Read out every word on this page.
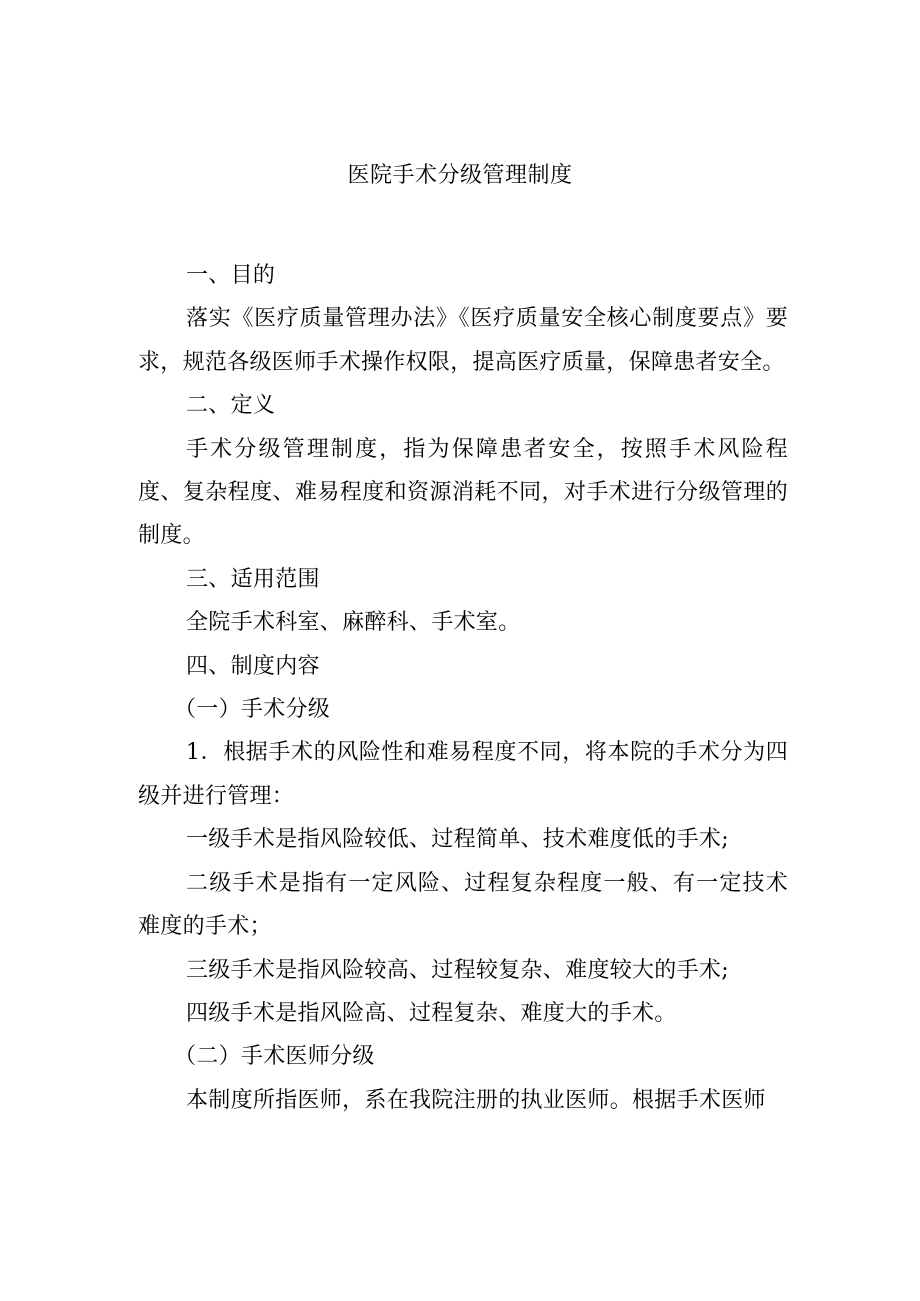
医院手术分级管理制度

一、目的

落实《医疗质量管理办法》《医疗质量安全核心制度要点》要求，规范各级医师手术操作权限，提高医疗质量，保障患者安全。

二、定义

手术分级管理制度，指为保障患者安全，按照手术风险程度、复杂程度、难易程度和资源消耗不同，对手术进行分级管理的制度。

三、适用范围

全院手术科室、麻醉科、手术室。

四、制度内容

（一）手术分级

1．根据手术的风险性和难易程度不同，将本院的手术分为四级并进行管理：

一级手术是指风险较低、过程简单、技术难度低的手术;

二级手术是指有一定风险、过程复杂程度一般、有一定技术难度的手术；

三级手术是指风险较高、过程较复杂、难度较大的手术;

四级手术是指风险高、过程复杂、难度大的手术。

（二）手术医师分级

本制度所指医师，系在我院注册的执业医师。根据手术医师
